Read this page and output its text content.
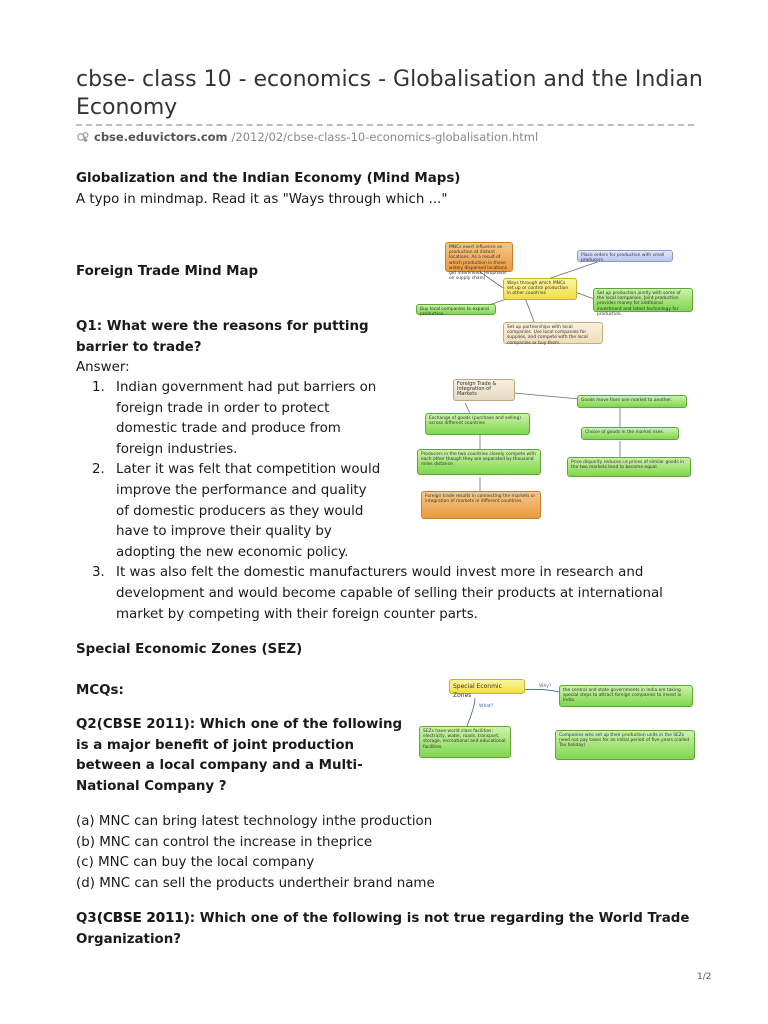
cbse- class 10 - economics - Globalisation and the Indian Economy
cbse.eduvictors.com /2012/02/cbse-class-10-economics-globalisation.html
Globalization and the Indian Economy (Mind Maps)
A typo in mindmap. Read it as "Ways through which ..."
Foreign Trade Mind Map
Q1: What were the reasons for putting
barrier to trade?
Answer:
1. Indian government had put barriers on
foreign trade in order to protect
domestic trade and produce from
foreign industries.
2. Later it was felt that competition would
improve the performance and quality
of domestic producers as they would
have to improve their quality by
adopting the new economic policy.
3. It was also felt the domestic manufacturers would invest more in research and
development and would become capable of selling their products at international
market by competing with their foreign counter parts.
Special Economic Zones (SEZ)
MCQs:
Q2(CBSE 2011): Which one of the following
is a major benefit of joint production
between a local company and a Multi-
National Company ?
(a) MNC can bring latest technology inthe production
(b) MNC can control the increase in theprice
(c) MNC can buy the local company
(d) MNC can sell the products undertheir brand name
Q3(CBSE 2011): Which one of the following is not true regarding the World Trade
Organization?
MNCs exert influence on production at distant locations. As a result of which production in these widely dispersed locations get interlinked. (emphasis on supply chain)
Place orders for production with small producers.
Ways through which MNCs set up or control production in other countries	Set up production jointly with some of the local companies. Joint production provides money for additional investment and latest technology for production.
Buy local companies to expand production.
Set up partnerships with local companies. Use local companies for supplies, and compete with the local companies or buy them.
Foreign Trade & Integration of Markets
Goods move from one market to another.
Exchange of goods (purchase and selling) across different countries
Choice of goods in the market rises.
Producers in the two countries closely compete with each other though they are separated by thousand miles distance.	Price disparity reduces i.e prices of similar goods in the two markets tend to become equal.
Foreign trade results in connecting the markets or integration of markets in different countries.
Special Econmic Zones
Why?
What?
the central and state governments in India are taking special steps to attract foreign companies to invest in India.
SEZs have world class facilities: electricity, water, roads, transport, storage, recreational and educational facilities.
Companies who set up their production units in the SEZs need not pay taxes for an initial period of five years (called Tax holiday)
1/2
